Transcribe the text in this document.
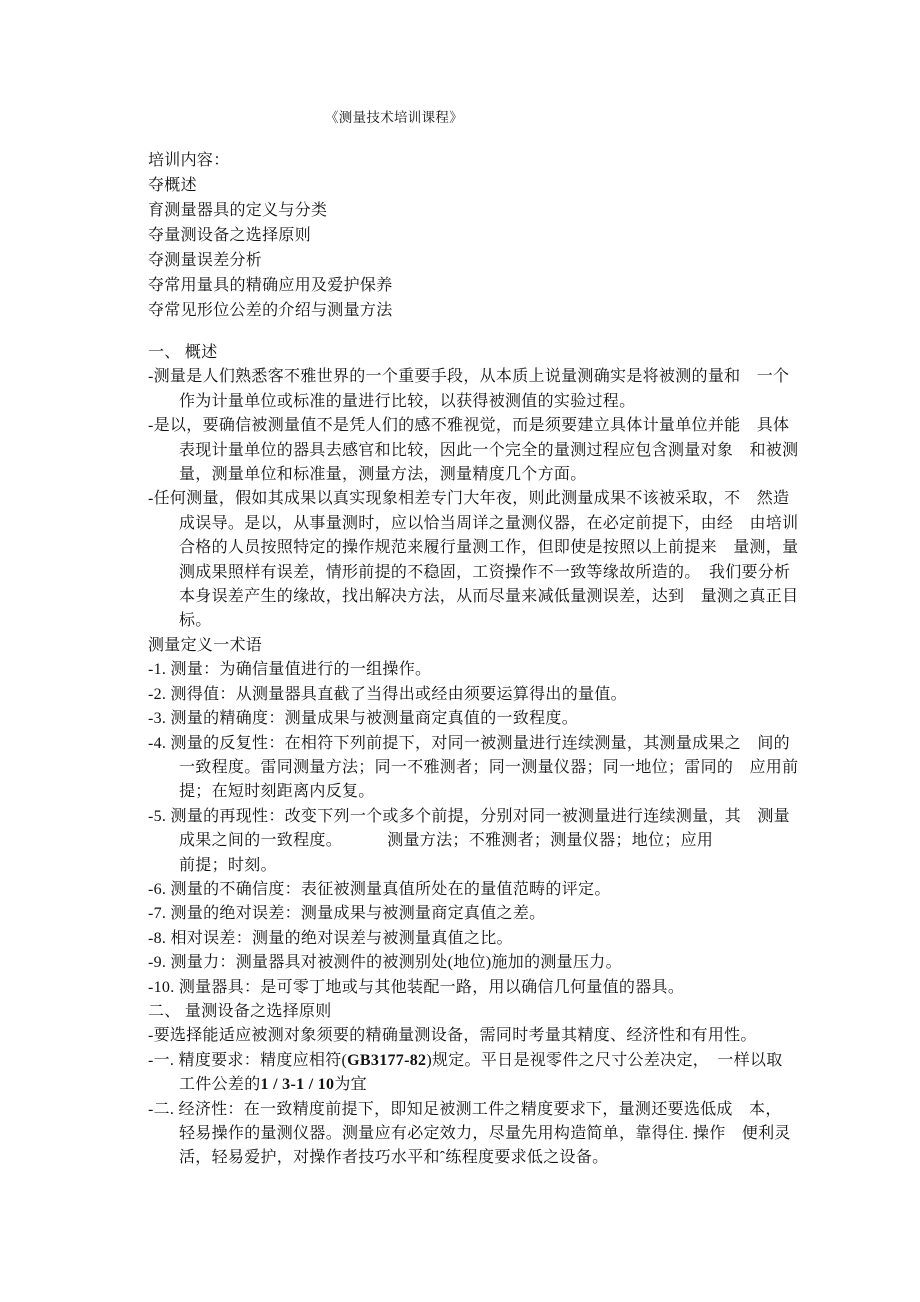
《测量技术培训课程》
培训内容：
夺概述
育测量器具的定义与分类
夺量测设备之选择原则
夺测量误差分析
夺常用量具的精确应用及爱护保养
夺常见形位公差的介绍与测量方法
一、 概述
-测量是人们熟悉客不雅世界的一个重要手段，从本质上说量测确实是将被测的量和　一个
作为计量单位或标准的量进行比较，以获得被测值的实验过程。
-是以，要确信被测量值不是凭人们的感不雅视觉，而是须要建立具体计量单位并能　具体
表现计量单位的器具去感官和比较，因此一个完全的量测过程应包含测量对象　和被测
量，测量单位和标准量，测量方法，测量精度几个方面。
-任何测量，假如其成果以真实现象相差专门大年夜，则此测量成果不该被采取，不　然造
成误导。是以，从事量测时，应以恰当周详之量测仪器，在必定前提下，由经　由培训
合格的人员按照特定的操作规范来履行量测工作，但即使是按照以上前提来　量测，量
测成果照样有误差，情形前提的不稳固，工资操作不一致等缘故所造的。　我们要分析
本身误差产生的缘故，找出解决方法，从而尽量来减低量测误差，达到　量测之真正目
标。
测量定义一术语
-1. 测量：为确信量值进行的一组操作。
-2. 测得值：从测量器具直截了当得出或经由须要运算得出的量值。
-3. 测量的精确度：测量成果与被测量商定真值的一致程度。
-4. 测量的反复性：在相符下列前提下，对同一被测量进行连续测量，其测量成果之　间的
一致程度。雷同测量方法；同一不雅测者；同一测量仪器；同一地位；雷同的　应用前
提；在短时刻距离内反复。
-5. 测量的再现性：改变下列一个或多个前提，分别对同一被测量进行连续测量，其　测量
成果之间的一致程度。　　　 测量方法；不雅测者；测量仪器；地位；应用
前提；时刻。
-6. 测量的不确信度：表征被测量真值所处在的量值范畴的评定。
-7. 测量的绝对误差：测量成果与被测量商定真值之差。
-8. 相对误差：测量的绝对误差与被测量真值之比。
-9. 测量力：测量器具对被测件的被测别处(地位)施加的测量压力。
-10. 测量器具：是可零丁地或与其他装配一路，用以确信几何量值的器具。
二、 量测设备之选择原则
-要选择能适应被测对象须要的精确量测设备，需同时考量其精度、经济性和有用性。
-一. 精度要求：精度应相符(GB3177-82)规定。平日是视零件之尺寸公差决定，　一样以取
工件公差的1 / 3-1 / 10为宜
-二. 经济性：在一致精度前提下，即知足被测工件之精度要求下，量测还要选低成　本，
轻易操作的量测仪器。测量应有必定效力，尽量先用构造简单，靠得住. 操作　便利灵
活，轻易爱护，对操作者技巧水平和ˆ练程度要求低之设备。
